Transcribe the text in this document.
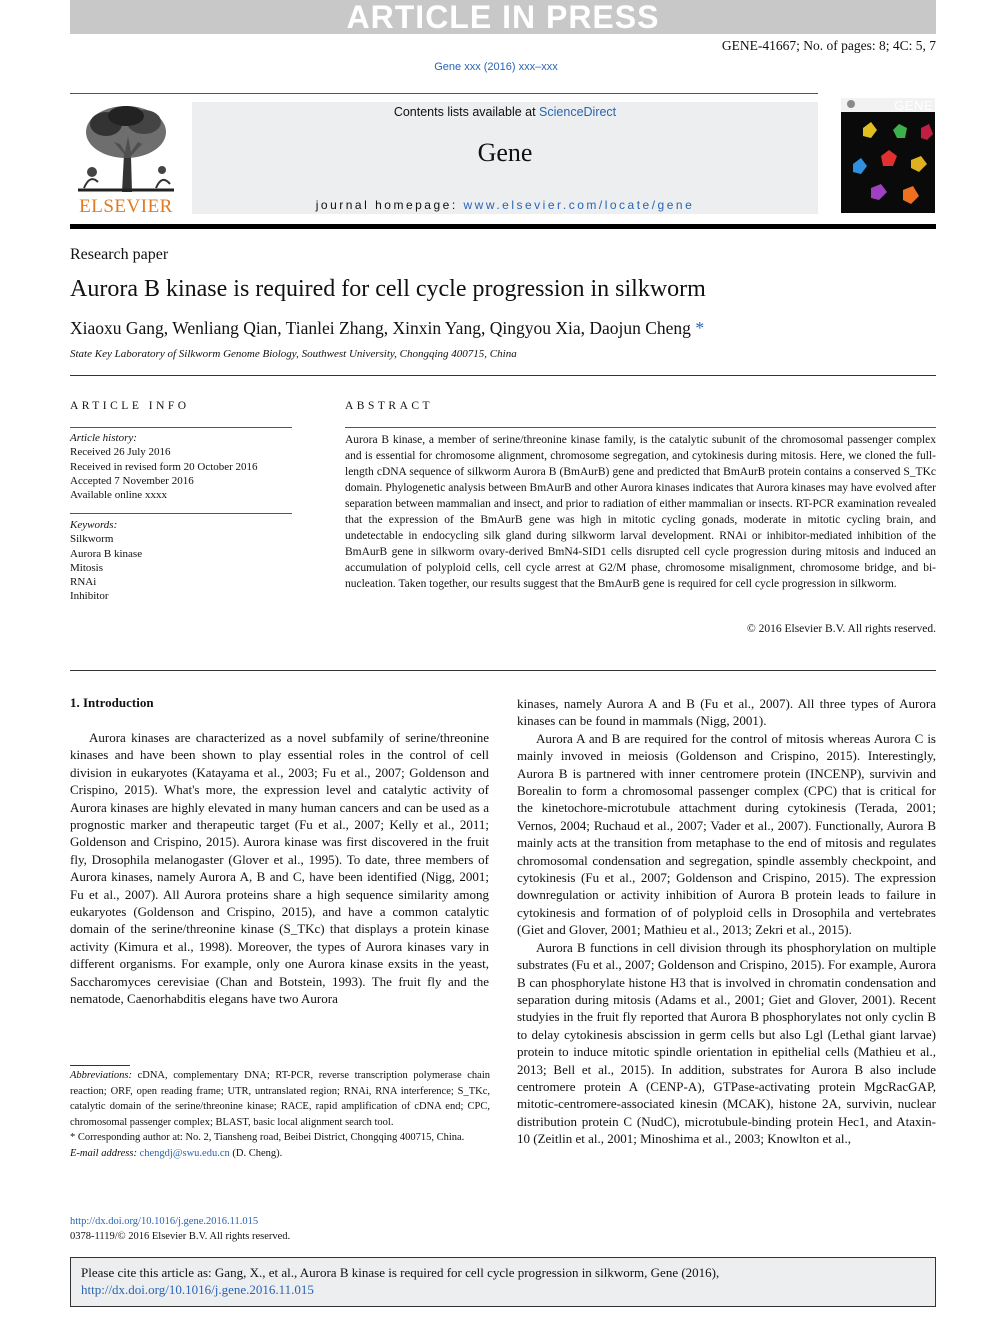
ARTICLE IN PRESS
GENE-41667; No. of pages: 8; 4C: 5, 7
Gene xxx (2016) xxx–xxx
ELSEVIER
Contents lists available at ScienceDirect
Gene
journal homepage: www.elsevier.com/locate/gene
GENE
Research paper
Aurora B kinase is required for cell cycle progression in silkworm
Xiaoxu Gang, Wenliang Qian, Tianlei Zhang, Xinxin Yang, Qingyou Xia, Daojun Cheng *
State Key Laboratory of Silkworm Genome Biology, Southwest University, Chongqing 400715, China
ARTICLE INFO
Article history:
Received 26 July 2016
Received in revised form 20 October 2016
Accepted 7 November 2016
Available online xxxx
Keywords:
Silkworm
Aurora B kinase
Mitosis
RNAi
Inhibitor
ABSTRACT

Aurora B kinase, a member of serine/threonine kinase family, is the catalytic subunit of the chromosomal passenger complex and is essential for chromosome alignment, chromosome segregation, and cytokinesis during mitosis. Here, we cloned the full-length cDNA sequence of silkworm Aurora B (BmAurB) gene and predicted that BmAurB protein contains a conserved S_TKc domain. Phylogenetic analysis between BmAurB and other Aurora kinases indicates that Aurora kinases may have evolved after separation between mammalian and insect, and prior to radiation of either mammalian or insects. RT-PCR examination revealed that the expression of the BmAurB gene was high in mitotic cycling gonads, moderate in mitotic cycling brain, and undetectable in endocycling silk gland during silkworm larval development. RNAi or inhibitor-mediated inhibition of the BmAurB gene in silkworm ovary-derived BmN4-SID1 cells disrupted cell cycle progression during mitosis and induced an accumulation of polyploid cells, cell cycle arrest at G2/M phase, chromosome misalignment, chromosome bridge, and bi-nucleation. Taken together, our results suggest that the BmAurB gene is required for cell cycle progression in silkworm.

© 2016 Elsevier B.V. All rights reserved.
1. Introduction

Aurora kinases are characterized as a novel subfamily of serine/threonine kinases and have been shown to play essential roles in the control of cell division in eukaryotes (Katayama et al., 2003; Fu et al., 2007; Goldenson and Crispino, 2015). What's more, the expression level and catalytic activity of Aurora kinases are highly elevated in many human cancers and can be used as a prognostic marker and therapeutic target (Fu et al., 2007; Kelly et al., 2011; Goldenson and Crispino, 2015). Aurora kinase was first discovered in the fruit fly, Drosophila melanogaster (Glover et al., 1995). To date, three members of Aurora kinases, namely Aurora A, B and C, have been identified (Nigg, 2001; Fu et al., 2007). All Aurora proteins share a high sequence similarity among eukaryotes (Goldenson and Crispino, 2015), and have a common catalytic domain of the serine/threonine kinase (S_TKc) that displays a protein kinase activity (Kimura et al., 1998). Moreover, the types of Aurora kinases vary in different organisms. For example, only one Aurora kinase exsits in the yeast, Saccharomyces cerevisiae (Chan and Botstein, 1993). The fruit fly and the nematode, Caenorhabditis elegans have two Aurora

kinases, namely Aurora A and B (Fu et al., 2007). All three types of Aurora kinases can be found in mammals (Nigg, 2001).

Aurora A and B are required for the control of mitosis whereas Aurora C is mainly invoved in meiosis (Goldenson and Crispino, 2015). Interestingly, Aurora B is partnered with inner centromere protein (INCENP), survivin and Borealin to form a chromosomal passenger complex (CPC) that is critical for the kinetochore-microtubule attachment during cytokinesis (Terada, 2001; Vernos, 2004; Ruchaud et al., 2007; Vader et al., 2007). Functionally, Aurora B mainly acts at the transition from metaphase to the end of mitosis and regulates chromosomal condensation and segregation, spindle assembly checkpoint, and cytokinesis (Fu et al., 2007; Goldenson and Crispino, 2015). The expression downregulation or activity inhibition of Aurora B protein leads to failure in cytokinesis and formation of of polyploid cells in Drosophila and vertebrates (Giet and Glover, 2001; Mathieu et al., 2013; Zekri et al., 2015).

Aurora B functions in cell division through its phosphorylation on multiple substrates (Fu et al., 2007; Goldenson and Crispino, 2015). For example, Aurora B can phosphorylate histone H3 that is involved in chromatin condensation and separation during mitosis (Adams et al., 2001; Giet and Glover, 2001). Recent studyies in the fruit fly reported that Aurora B phosphorylates not only cyclin B to delay cytokinesis abscission in germ cells but also Lgl (Lethal giant larvae) protein to induce mitotic spindle orientation in epithelial cells (Mathieu et al., 2013; Bell et al., 2015). In addition, substrates for Aurora B also include centromere protein A (CENP-A), GTPase-activating protein MgcRacGAP, mitotic-centromere-associated kinesin (MCAK), histone 2A, survivin, nuclear distribution protein C (NudC), microtubule-binding protein Hec1, and Ataxin-10 (Zeitlin et al., 2001; Minoshima et al., 2003; Knowlton et al.,

Abbreviations: cDNA, complementary DNA; RT-PCR, reverse transcription polymerase chain reaction; ORF, open reading frame; UTR, untranslated region; RNAi, RNA interference; S_TKc, catalytic domain of the serine/threonine kinase; RACE, rapid amplification of cDNA end; CPC, chromosomal passenger complex; BLAST, basic local alignment search tool.

* Corresponding author at: No. 2, Tiansheng road, Beibei District, Chongqing 400715, China.

E-mail address: chengdj@swu.edu.cn (D. Cheng).

http://dx.doi.org/10.1016/j.gene.2016.11.015
0378-1119/© 2016 Elsevier B.V. All rights reserved.
Please cite this article as: Gang, X., et al., Aurora B kinase is required for cell cycle progression in silkworm, Gene (2016), http://dx.doi.org/10.1016/j.gene.2016.11.015
